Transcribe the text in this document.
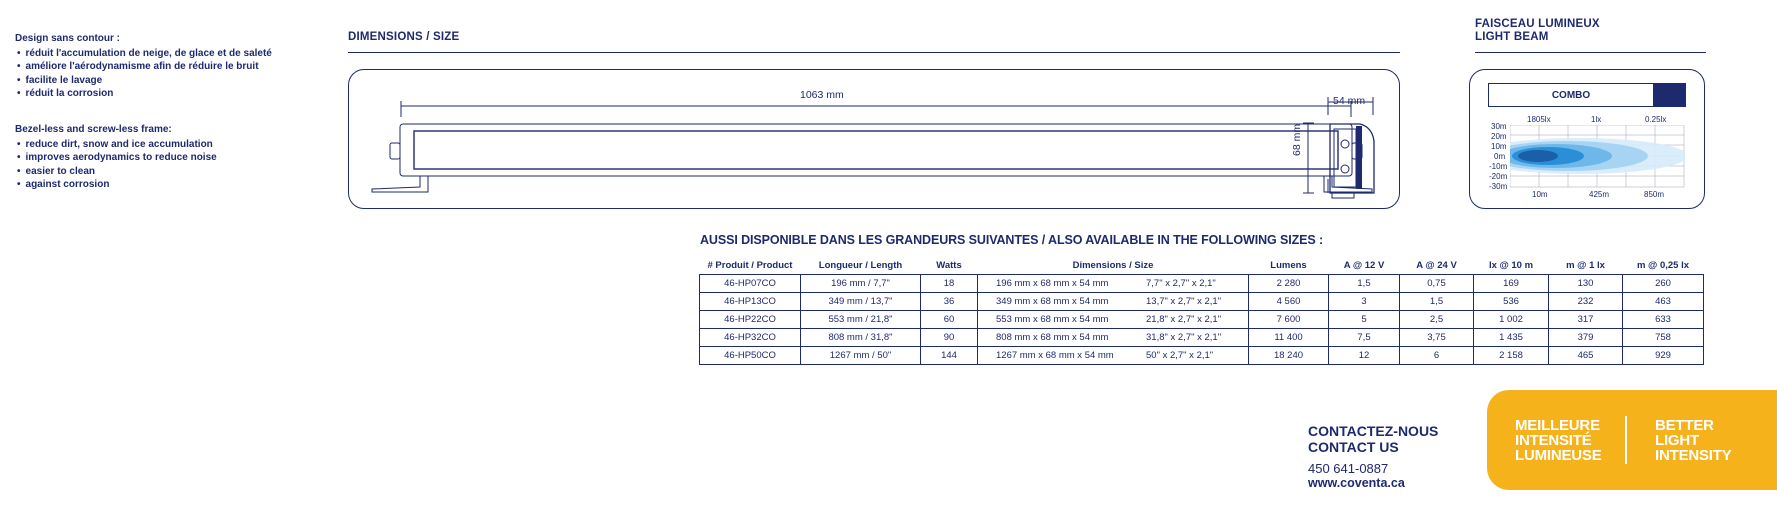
Design sans contour :
• réduit l'accumulation de neige, de glace et de saleté
• améliore l'aérodynamisme afin de réduire le bruit
• facilite le lavage
• réduit la corrosion
Bezel-less and screw-less frame:
• reduce dirt, snow and ice accumulation
• improves aerodynamics to reduce noise
• easier to clean
• against corrosion
DIMENSIONS / SIZE
1063 mm	54 mm
68 mm
FAISCEAU LUMINEUX
LIGHT BEAM
COMBO
1805lx	1lx	0.25lx
30m
20m
10m
0m
-10m
-20m
-30m
10m	425m	850m
AUSSI DISPONIBLE DANS LES GRANDEURS SUIVANTES / ALSO AVAILABLE IN THE FOLLOWING SIZES :
# Produit / Product	Longueur / Length	Watts	Dimensions / Size	Lumens	A @ 12 V	A @ 24 V	lx @ 10 m	m @ 1 lx	m @ 0,25 lx
46-HP07CO	196 mm / 7,7"	18	196 mm x 68 mm x 54 mm 7,7" x 2,7" x 2,1"	2 280	1,5	0,75	169	130	260
46-HP13CO	349 mm / 13,7"	36	349 mm x 68 mm x 54 mm 13,7" x 2,7" x 2,1"	4 560	3	1,5	536	232	463
46-HP22CO	553 mm / 21,8"	60	553 mm x 68 mm x 54 mm 21,8" x 2,7" x 2,1"	7 600	5	2,5	1 002	317	633
46-HP32CO	808 mm / 31,8"	90	808 mm x 68 mm x 54 mm 31,8" x 2,7" x 2,1"	11 400	7,5	3,75	1 435	379	758
46-HP50CO	1267 mm / 50"	144	1267 mm x 68 mm x 54 mm 50" x 2,7" x 2,1"	18 240	12	6	2 158	465	929
CONTACTEZ-NOUS
CONTACT US
450 641-0887
www.coventa.ca
MEILLEURE
INTENSITÉ
LUMINEUSE
BETTER
LIGHT
INTENSITY
